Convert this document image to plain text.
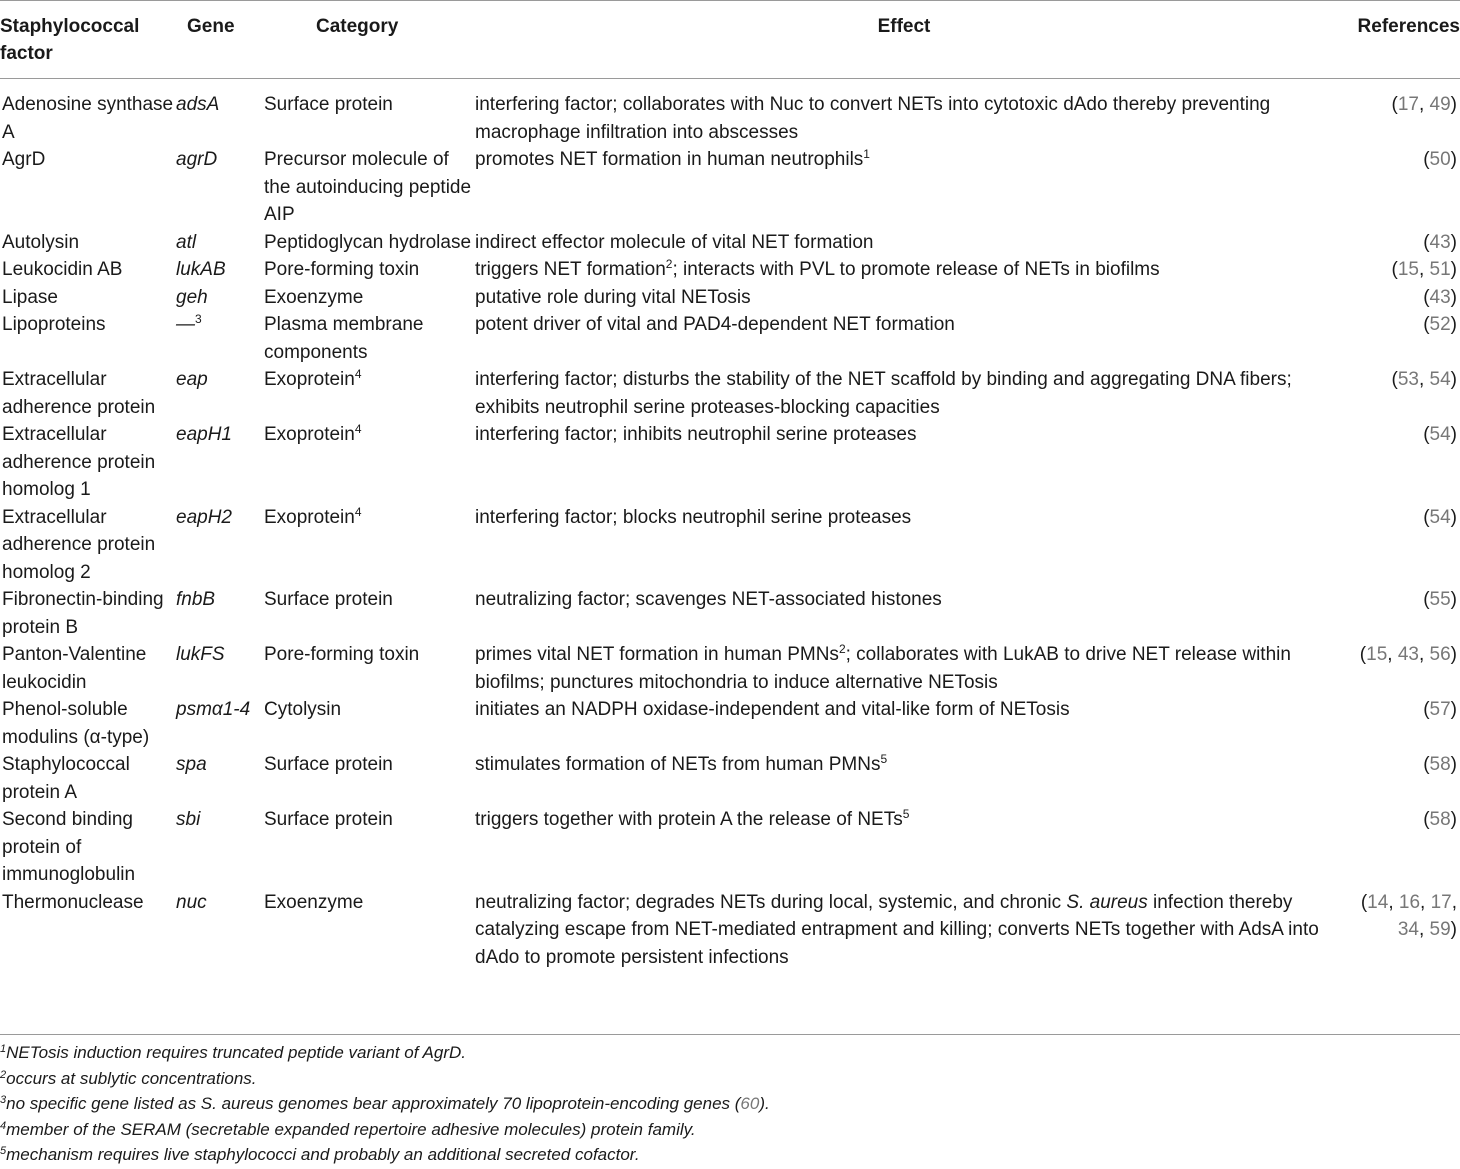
Staphylococcal factor	Gene	Category	Effect	References
Adenosine synthase A	adsA	Surface protein	interfering factor; collaborates with Nuc to convert NETs into cytotoxic dAdo thereby preventing macrophage infiltration into abscesses	(17, 49)
AgrD	agrD	Precursor molecule of the autoinducing peptide AIP	promotes NET formation in human neutrophils$^1$	(50)
Autolysin	atl	Peptidoglycan hydrolase	indirect effector molecule of vital NET formation	(43)
Leukocidin AB	lukAB	Pore-forming toxin	triggers NET formation$^2$; interacts with PVL to promote release of NETs in biofilms	(15, 51)
Lipase	geh	Exoenzyme	putative role during vital NETosis	(43)
Lipoproteins	—$^3$	Plasma membrane components	potent driver of vital and PAD4-dependent NET formation	(52)
Extracellular adherence protein	eap	Exoprotein$^4$	interfering factor; disturbs the stability of the NET scaffold by binding and aggregating DNA fibers; exhibits neutrophil serine proteases-blocking capacities	(53, 54)
Extracellular adherence protein homolog 1	eapH1	Exoprotein$^4$	interfering factor; inhibits neutrophil serine proteases	(54)
Extracellular adherence protein homolog 2	eapH2	Exoprotein$^4$	interfering factor; blocks neutrophil serine proteases	(54)
Fibronectin-binding protein B	fnbB	Surface protein	neutralizing factor; scavenges NET-associated histones	(55)
Panton-Valentine leukocidin	lukFS	Pore-forming toxin	primes vital NET formation in human PMNs$^2$; collaborates with LukAB to drive NET release within biofilms; punctures mitochondria to induce alternative NETosis	(15, 43, 56)
Phenol-soluble modulins (α-type)	psmα1-4	Cytolysin	initiates an NADPH oxidase-independent and vital-like form of NETosis	(57)
Staphylococcal protein A	spa	Surface protein	stimulates formation of NETs from human PMNs$^5$	(58)
Second binding protein of immunoglobulin	sbi	Surface protein	triggers together with protein A the release of NETs$^5$	(58)
Thermonuclease	nuc	Exoenzyme	neutralizing factor; degrades NETs during local, systemic, and chronic S. aureus infection thereby catalyzing escape from NET-mediated entrapment and killing; converts NETs together with AdsA into dAdo to promote persistent infections	(14, 16, 17, 34, 59)
$^1$NETosis induction requires truncated peptide variant of AgrD.
$^2$occurs at sublytic concentrations.
$^3$no specific gene listed as S. aureus genomes bear approximately 70 lipoprotein-encoding genes (60).
$^4$member of the SERAM (secretable expanded repertoire adhesive molecules) protein family.
$^5$mechanism requires live staphylococci and probably an additional secreted cofactor.
